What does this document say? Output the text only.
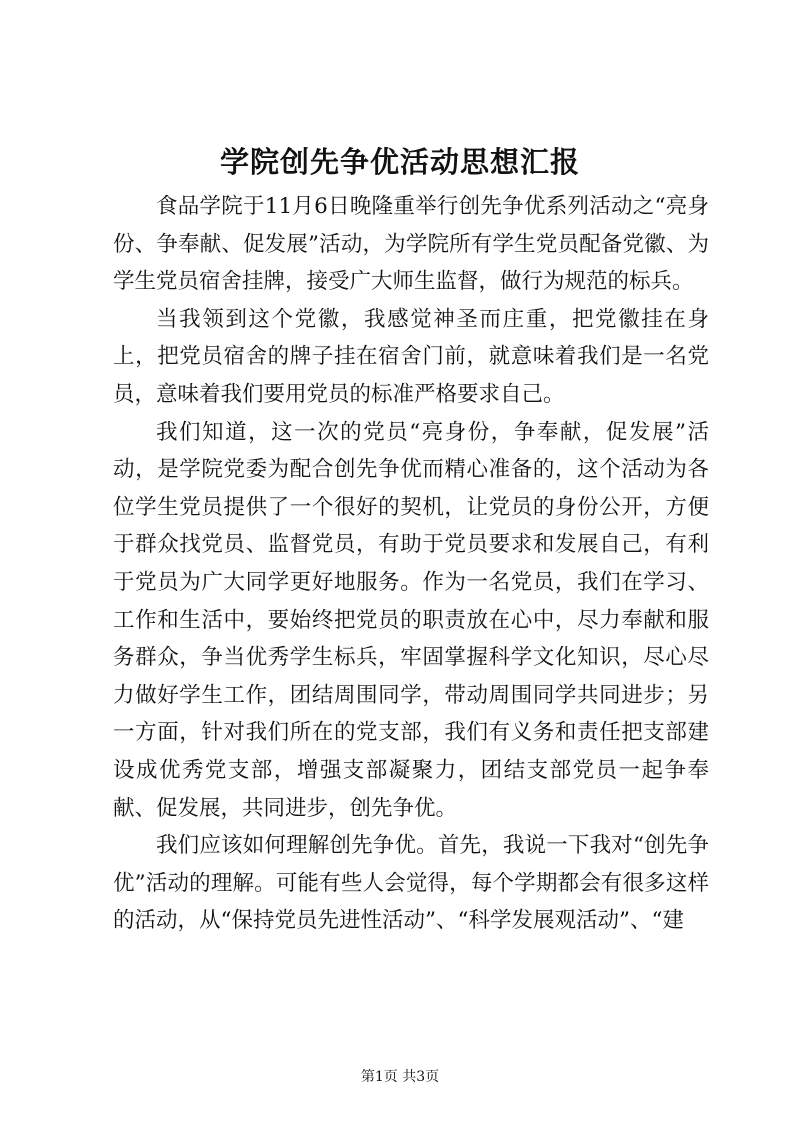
学院创先争优活动思想汇报

食品学院于11月6日晚隆重举行创先争优系列活动之“亮身份、争奉献、促发展”活动，为学院所有学生党员配备党徽、为学生党员宿舍挂牌，接受广大师生监督，做行为规范的标兵。

当我领到这个党徽，我感觉神圣而庄重，把党徽挂在身上，把党员宿舍的牌子挂在宿舍门前，就意味着我们是一名党员，意味着我们要用党员的标准严格要求自己。

我们知道，这一次的党员“亮身份，争奉献，促发展”活动，是学院党委为配合创先争优而精心准备的，这个活动为各位学生党员提供了一个很好的契机，让党员的身份公开，方便于群众找党员、监督党员，有助于党员要求和发展自己，有利于党员为广大同学更好地服务。作为一名党员，我们在学习、工作和生活中，要始终把党员的职责放在心中，尽力奉献和服务群众，争当优秀学生标兵，牢固掌握科学文化知识，尽心尽力做好学生工作，团结周围同学，带动周围同学共同进步；另一方面，针对我们所在的党支部，我们有义务和责任把支部建设成优秀党支部，增强支部凝聚力，团结支部党员一起争奉献、促发展，共同进步，创先争优。

我们应该如何理解创先争优。首先，我说一下我对“创先争优”活动的理解。可能有些人会觉得，每个学期都会有很多这样的活动，从“保持党员先进性活动”、“科学发展观活动”、“建

第1页 共3页
